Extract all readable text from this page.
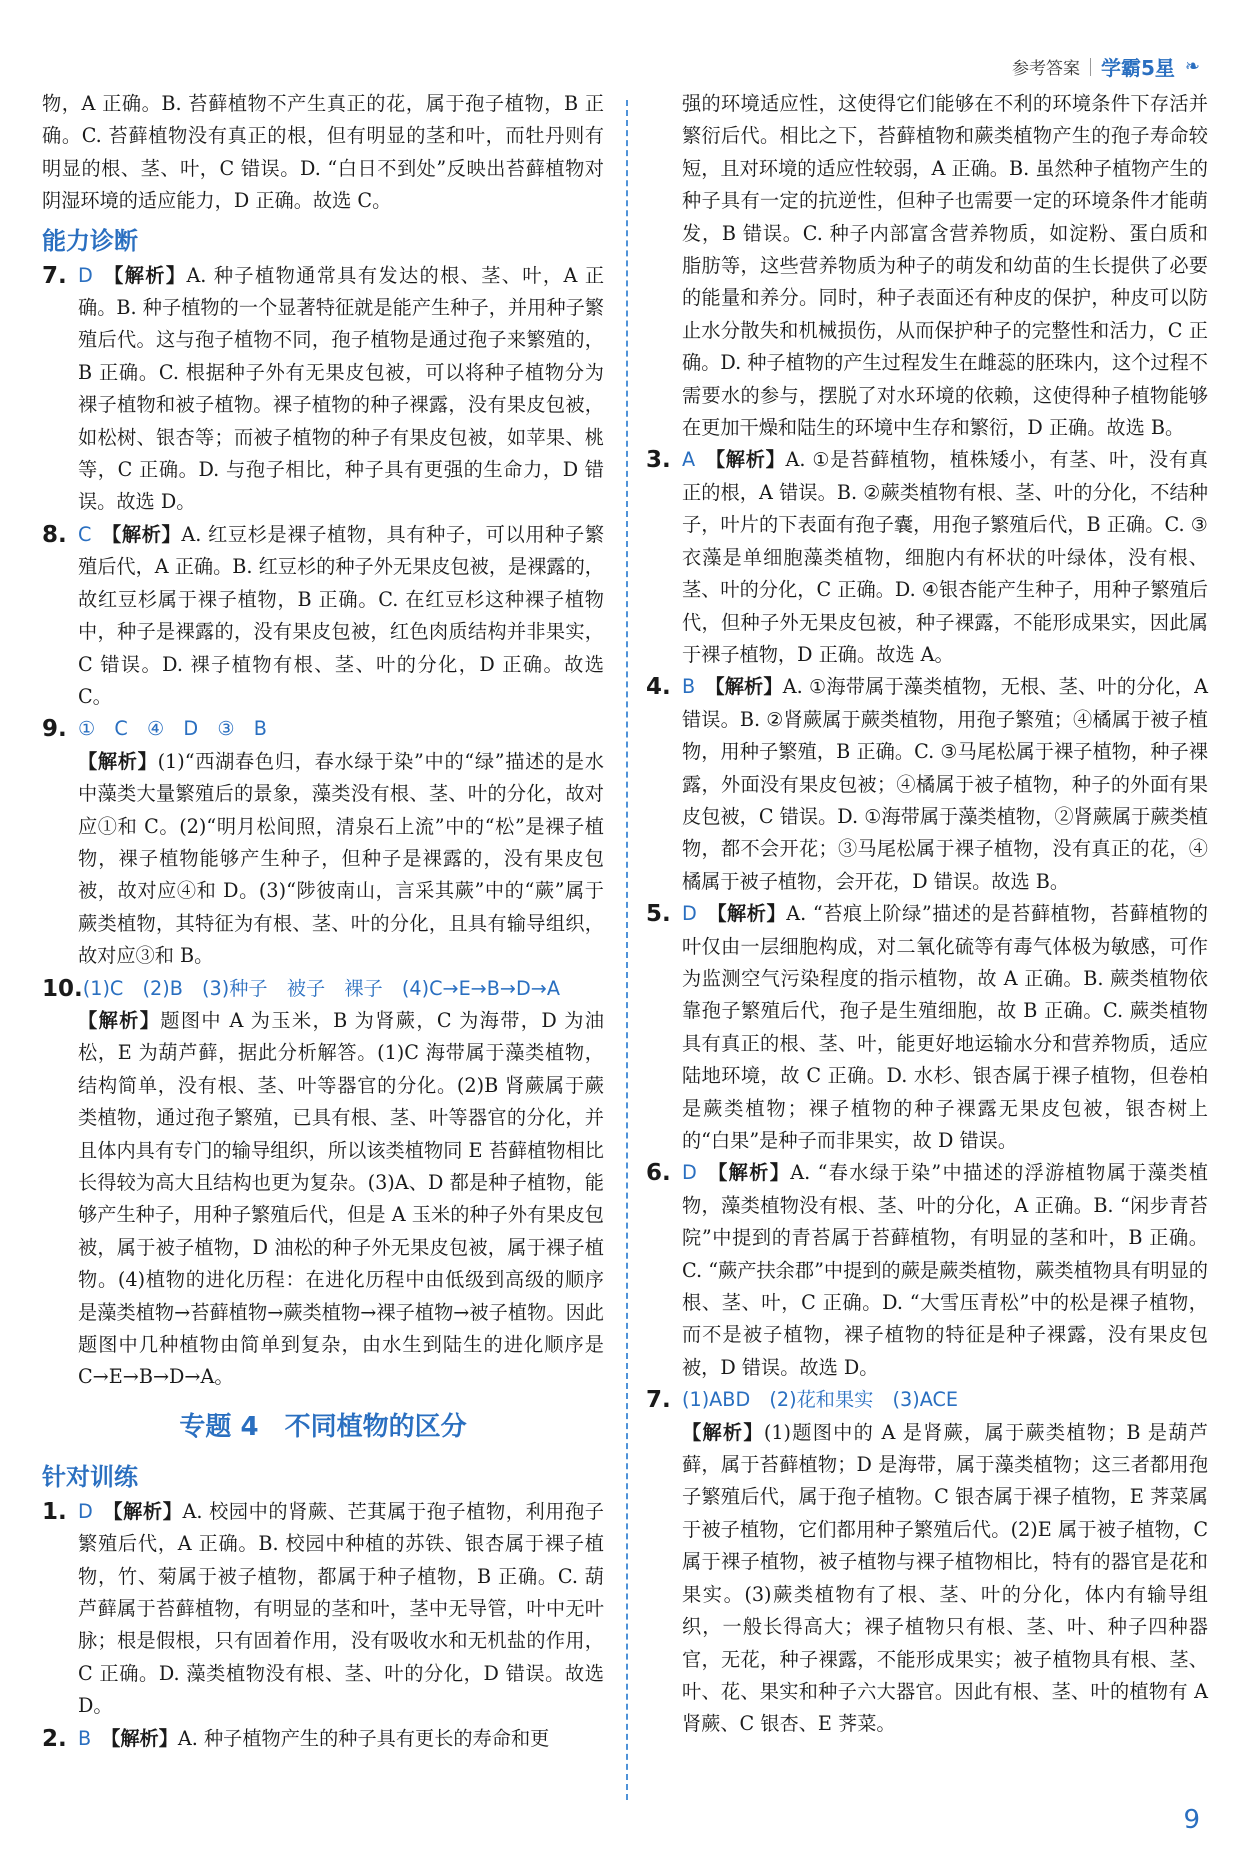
参考答案 学霸5星 ❧

物，A 正确。B. 苔藓植物不产生真正的花，属于孢子植物，B 正确。C. 苔藓植物没有真正的根，但有明显的茎和叶，而牡丹则有明显的根、茎、叶，C 错误。D. “白日不到处”反映出苔藓植物对阴湿环境的适应能力，D 正确。故选 C。

能力诊断
7. D 【解析】A. 种子植物通常具有发达的根、茎、叶，A 正确。B. 种子植物的一个显著特征就是能产生种子，并用种子繁殖后代。这与孢子植物不同，孢子植物是通过孢子来繁殖的，B 正确。C. 根据种子外有无果皮包被，可以将种子植物分为裸子植物和被子植物。裸子植物的种子裸露，没有果皮包被，如松树、银杏等；而被子植物的种子有果皮包被，如苹果、桃等，C 正确。D. 与孢子相比，种子具有更强的生命力，D 错误。故选 D。

8. C 【解析】A. 红豆杉是裸子植物，具有种子，可以用种子繁殖后代，A 正确。B. 红豆杉的种子外无果皮包被，是裸露的，故红豆杉属于裸子植物，B 正确。C. 在红豆杉这种裸子植物中，种子是裸露的，没有果皮包被，红色肉质结构并非果实，C 错误。D. 裸子植物有根、茎、叶的分化，D 正确。故选 C。

9. ①　C　④　D　③　B

【解析】(1)“西湖春色归，春水绿于染”中的“绿”描述的是水中藻类大量繁殖后的景象，藻类没有根、茎、叶的分化，故对应①和 C。(2)“明月松间照，清泉石上流”中的“松”是裸子植物，裸子植物能够产生种子，但种子是裸露的，没有果皮包被，故对应④和 D。(3)“陟彼南山，言采其蕨”中的“蕨”属于蕨类植物，其特征为有根、茎、叶的分化，且具有输导组织，故对应③和 B。

10. (1)C　(2)B　(3)种子　被子　裸子　(4)C→E→B→D→A

【解析】题图中 A 为玉米，B 为肾蕨，C 为海带，D 为油松，E 为葫芦藓，据此分析解答。(1)C 海带属于藻类植物，结构简单，没有根、茎、叶等器官的分化。(2)B 肾蕨属于蕨类植物，通过孢子繁殖，已具有根、茎、叶等器官的分化，并且体内具有专门的输导组织，所以该类植物同 E 苔藓植物相比长得较为高大且结构也更为复杂。(3)A、D 都是种子植物，能够产生种子，用种子繁殖后代，但是 A 玉米的种子外有果皮包被，属于被子植物，D 油松的种子外无果皮包被，属于裸子植物。(4)植物的进化历程：在进化历程中由低级到高级的顺序是藻类植物→苔藓植物→蕨类植物→裸子植物→被子植物。因此题图中几种植物由简单到复杂，由水生到陆生的进化顺序是 C→E→B→D→A。

专题 4　不同植物的区分
针对训练
1. D 【解析】A. 校园中的肾蕨、芒萁属于孢子植物，利用孢子繁殖后代，A 正确。B. 校园中种植的苏铁、银杏属于裸子植物，竹、菊属于被子植物，都属于种子植物，B 正确。C. 葫芦藓属于苔藓植物，有明显的茎和叶，茎中无导管，叶中无叶脉；根是假根，只有固着作用，没有吸收水和无机盐的作用，C 正确。D. 藻类植物没有根、茎、叶的分化，D 错误。故选 D。

2. B 【解析】A. 种子植物产生的种子具有更长的寿命和更

强的环境适应性，这使得它们能够在不利的环境条件下存活并繁衍后代。相比之下，苔藓植物和蕨类植物产生的孢子寿命较短，且对环境的适应性较弱，A 正确。B. 虽然种子植物产生的种子具有一定的抗逆性，但种子也需要一定的环境条件才能萌发，B 错误。C. 种子内部富含营养物质，如淀粉、蛋白质和脂肪等，这些营养物质为种子的萌发和幼苗的生长提供了必要的能量和养分。同时，种子表面还有种皮的保护，种皮可以防止水分散失和机械损伤，从而保护种子的完整性和活力，C 正确。D. 种子植物的产生过程发生在雌蕊的胚珠内，这个过程不需要水的参与，摆脱了对水环境的依赖，这使得种子植物能够在更加干燥和陆生的环境中生存和繁衍，D 正确。故选 B。

3. A 【解析】A. ①是苔藓植物，植株矮小，有茎、叶，没有真正的根，A 错误。B. ②蕨类植物有根、茎、叶的分化，不结种子，叶片的下表面有孢子囊，用孢子繁殖后代，B 正确。C. ③衣藻是单细胞藻类植物，细胞内有杯状的叶绿体，没有根、茎、叶的分化，C 正确。D. ④银杏能产生种子，用种子繁殖后代，但种子外无果皮包被，种子裸露，不能形成果实，因此属于裸子植物，D 正确。故选 A。

4. B 【解析】A. ①海带属于藻类植物，无根、茎、叶的分化，A 错误。B. ②肾蕨属于蕨类植物，用孢子繁殖；④橘属于被子植物，用种子繁殖，B 正确。C. ③马尾松属于裸子植物，种子裸露，外面没有果皮包被；④橘属于被子植物，种子的外面有果皮包被，C 错误。D. ①海带属于藻类植物，②肾蕨属于蕨类植物，都不会开花；③马尾松属于裸子植物，没有真正的花，④橘属于被子植物，会开花，D 错误。故选 B。

5. D 【解析】A. “苔痕上阶绿”描述的是苔藓植物，苔藓植物的叶仅由一层细胞构成，对二氧化硫等有毒气体极为敏感，可作为监测空气污染程度的指示植物，故 A 正确。B. 蕨类植物依靠孢子繁殖后代，孢子是生殖细胞，故 B 正确。C. 蕨类植物具有真正的根、茎、叶，能更好地运输水分和营养物质，适应陆地环境，故 C 正确。D. 水杉、银杏属于裸子植物，但卷柏是蕨类植物；裸子植物的种子裸露无果皮包被，银杏树上的“白果”是种子而非果实，故 D 错误。

6. D 【解析】A. “春水绿于染”中描述的浮游植物属于藻类植物，藻类植物没有根、茎、叶的分化，A 正确。B. “闲步青苔院”中提到的青苔属于苔藓植物，有明显的茎和叶，B 正确。C. “蕨产扶余郡”中提到的蕨是蕨类植物，蕨类植物具有明显的根、茎、叶，C 正确。D. “大雪压青松”中的松是裸子植物，而不是被子植物，裸子植物的特征是种子裸露，没有果皮包被，D 错误。故选 D。

7. (1)ABD　(2)花和果实　(3)ACE

【解析】(1)题图中的 A 是肾蕨，属于蕨类植物；B 是葫芦藓，属于苔藓植物；D 是海带，属于藻类植物；这三者都用孢子繁殖后代，属于孢子植物。C 银杏属于裸子植物，E 荠菜属于被子植物，它们都用种子繁殖后代。(2)E 属于被子植物，C 属于裸子植物，被子植物与裸子植物相比，特有的器官是花和果实。(3)蕨类植物有了根、茎、叶的分化，体内有输导组织，一般长得高大；裸子植物只有根、茎、叶、种子四种器官，无花，种子裸露，不能形成果实；被子植物具有根、茎、叶、花、果实和种子六大器官。因此有根、茎、叶的植物有 A 肾蕨、C 银杏、E 荠菜。

9
